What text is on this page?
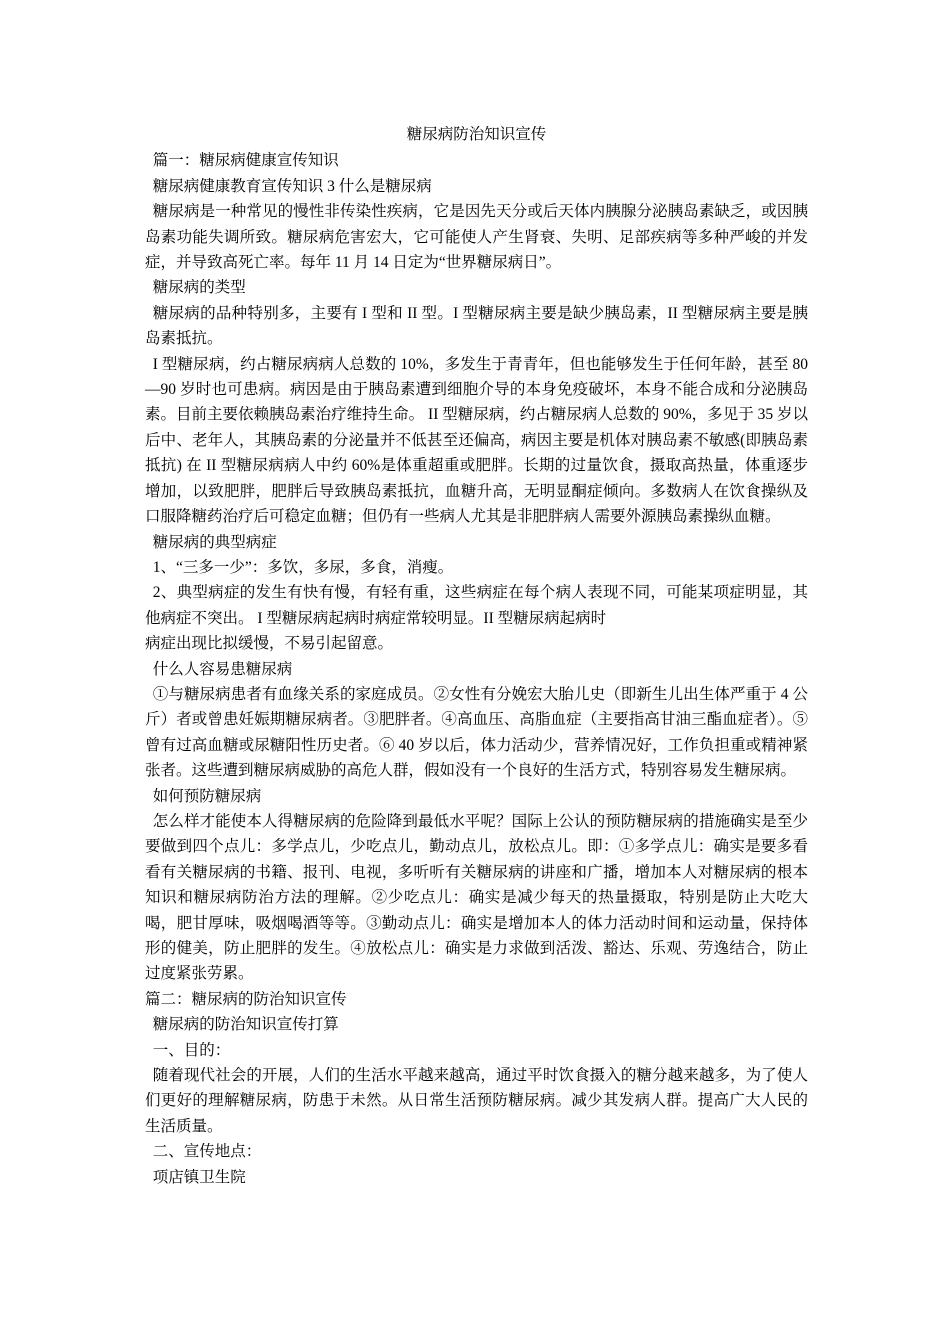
糖尿病防治知识宣传

篇一：糖尿病健康宣传知识

糖尿病健康教育宣传知识 3 什么是糖尿病

糖尿病是一种常见的慢性非传染性疾病，它是因先天分或后天体内胰腺分泌胰岛素缺乏，或因胰岛素功能失调所致。糖尿病危害宏大，它可能使人产生肾衰、失明、足部疾病等多种严峻的并发症，并导致高死亡率。每年 11 月 14 日定为“世界糖尿病日”。

糖尿病的类型

糖尿病的品种特别多，主要有 I 型和 II 型。I 型糖尿病主要是缺少胰岛素，II 型糖尿病主要是胰岛素抵抗。

I 型糖尿病，约占糖尿病病人总数的 10%，多发生于青青年，但也能够发生于任何年龄，甚至 80—90 岁时也可患病。病因是由于胰岛素遭到细胞介导的本身免疫破坏，本身不能合成和分泌胰岛素。目前主要依赖胰岛素治疗维持生命。 II 型糖尿病，约占糖尿病人总数的 90%，多见于 35 岁以后中、老年人，其胰岛素的分泌量并不低甚至还偏高，病因主要是机体对胰岛素不敏感(即胰岛素抵抗) 在 II 型糖尿病病人中约 60%是体重超重或肥胖。长期的过量饮食，摄取高热量，体重逐步增加，以致肥胖，肥胖后导致胰岛素抵抗，血糖升高，无明显酮症倾向。多数病人在饮食操纵及口服降糖药治疗后可稳定血糖；但仍有一些病人尤其是非肥胖病人需要外源胰岛素操纵血糖。

糖尿病的典型病症

1、“三多一少”：多饮，多尿，多食，消瘦。

2、典型病症的发生有快有慢，有轻有重，这些病症在每个病人表现不同，可能某项症明显，其他病症不突出。 I 型糖尿病起病时病症常较明显。II 型糖尿病起病时

病症出现比拟缓慢，不易引起留意。

什么人容易患糖尿病

①与糖尿病患者有血缘关系的家庭成员。②女性有分娩宏大胎儿史（即新生儿出生体严重于 4 公斤）者或曾患妊娠期糖尿病者。③肥胖者。④高血压、高脂血症（主要指高甘油三酯血症者）。⑤曾有过高血糖或尿糖阳性历史者。⑥ 40 岁以后，体力活动少，营养情况好，工作负担重或精神紧张者。这些遭到糖尿病威胁的高危人群，假如没有一个良好的生活方式，特别容易发生糖尿病。

如何预防糖尿病

怎么样才能使本人得糖尿病的危险降到最低水平呢？国际上公认的预防糖尿病的措施确实是至少要做到四个点儿：多学点儿，少吃点儿，勤动点儿，放松点儿。即：①多学点儿：确实是要多看看有关糖尿病的书籍、报刊、电视，多听听有关糖尿病的讲座和广播，增加本人对糖尿病的根本知识和糖尿病防治方法的理解。②少吃点儿：确实是减少每天的热量摄取，特别是防止大吃大喝，肥甘厚味，吸烟喝酒等等。③勤动点儿：确实是增加本人的体力活动时间和运动量，保持体形的健美，防止肥胖的发生。④放松点儿：确实是力求做到活泼、豁达、乐观、劳逸结合，防止过度紧张劳累。

篇二：糖尿病的防治知识宣传

糖尿病的防治知识宣传打算

一、目的：

随着现代社会的开展，人们的生活水平越来越高，通过平时饮食摄入的糖分越来越多，为了使人们更好的理解糖尿病，防患于未然。从日常生活预防糖尿病。减少其发病人群。提高广大人民的生活质量。

二、宣传地点：

项店镇卫生院
